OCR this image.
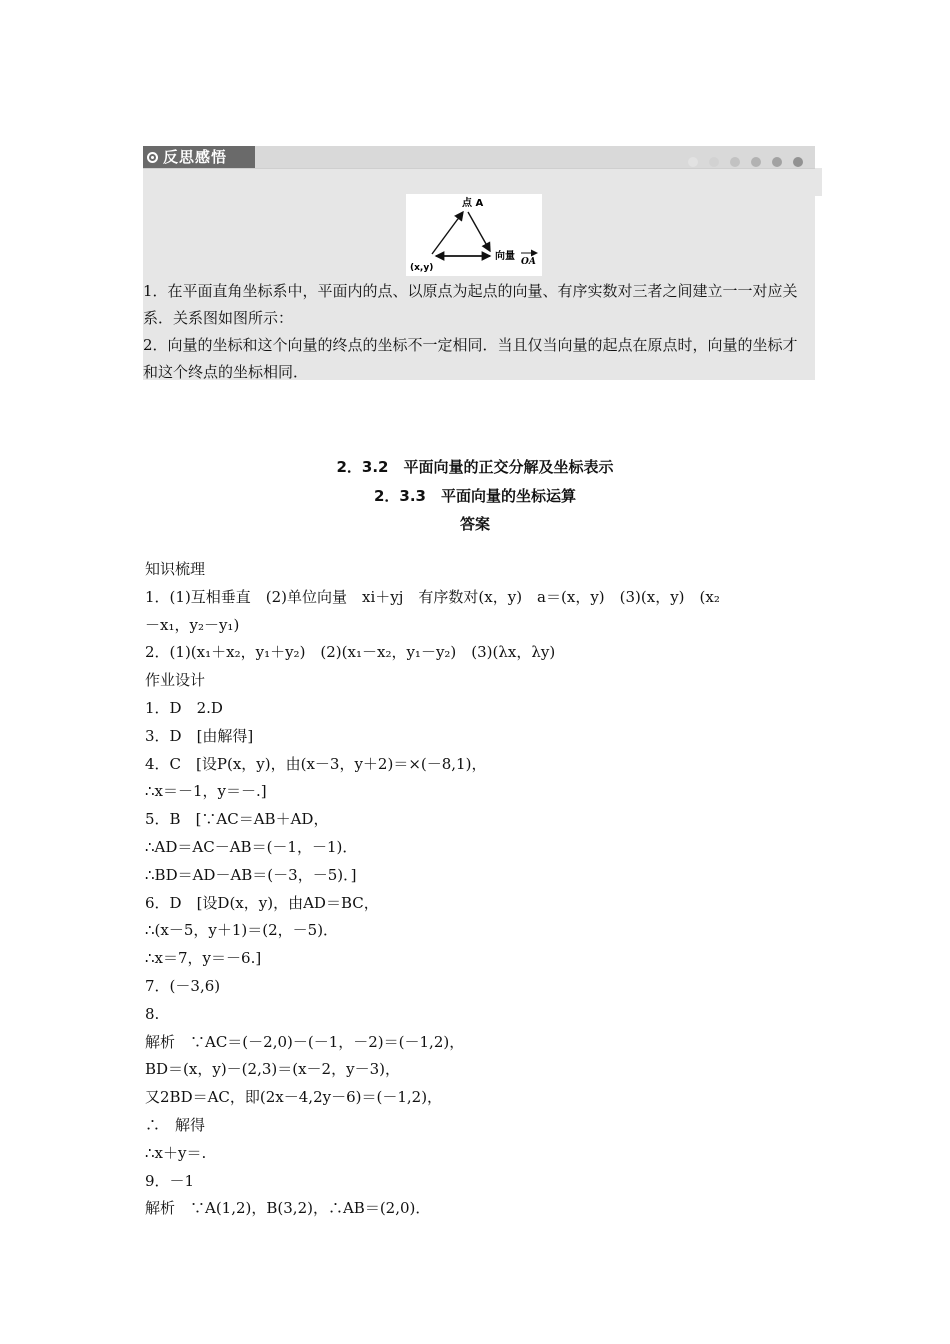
反思感悟
点 A
(x,y)
向量 OA

1．在平面直角坐标系中，平面内的点、以原点为起点的向量、有序实数对三者之间建立一一对应关系．关系图如图所示：

2．向量的坐标和这个向量的终点的坐标不一定相同．当且仅当向量的起点在原点时，向量的坐标才和这个终点的坐标相同．

2．3.2　平面向量的正交分解及坐标表示
2．3.3　平面向量的坐标运算
答案
知识梳理
1．(1)互相垂直　(2)单位向量　xi＋yj　有序数对(x，y)　a＝(x，y)　(3)(x，y)　(x₂
－x₁，y₂－y₁)
2．(1)(x₁＋x₂，y₁＋y₂)　(2)(x₁－x₂，y₁－y₂)　(3)(λx，λy)
作业设计
1．D　2.D
3．D　[由解得]
4．C　[设P(x，y)，由(x－3，y＋2)＝×(－8,1)，
∴x＝－1，y＝－.]
5．B　[∵AC＝AB＋AD，
∴AD＝AC－AB＝(－1，－1)．
∴BD＝AD－AB＝(－3，－5)．]
6．D　[设D(x，y)，由AD＝BC，
∴(x－5，y＋1)＝(2，－5)．
∴x＝7，y＝－6.]
7．(－3,6)
8.
解析　∵AC＝(－2,0)－(－1，－2)＝(－1,2)，
BD＝(x，y)－(2,3)＝(x－2，y－3)，
又2BD＝AC，即(2x－4,2y－6)＝(－1,2)，
∴　解得
∴x＋y＝.
9．－1
解析　∵A(1,2)，B(3,2)，∴AB＝(2,0)．
